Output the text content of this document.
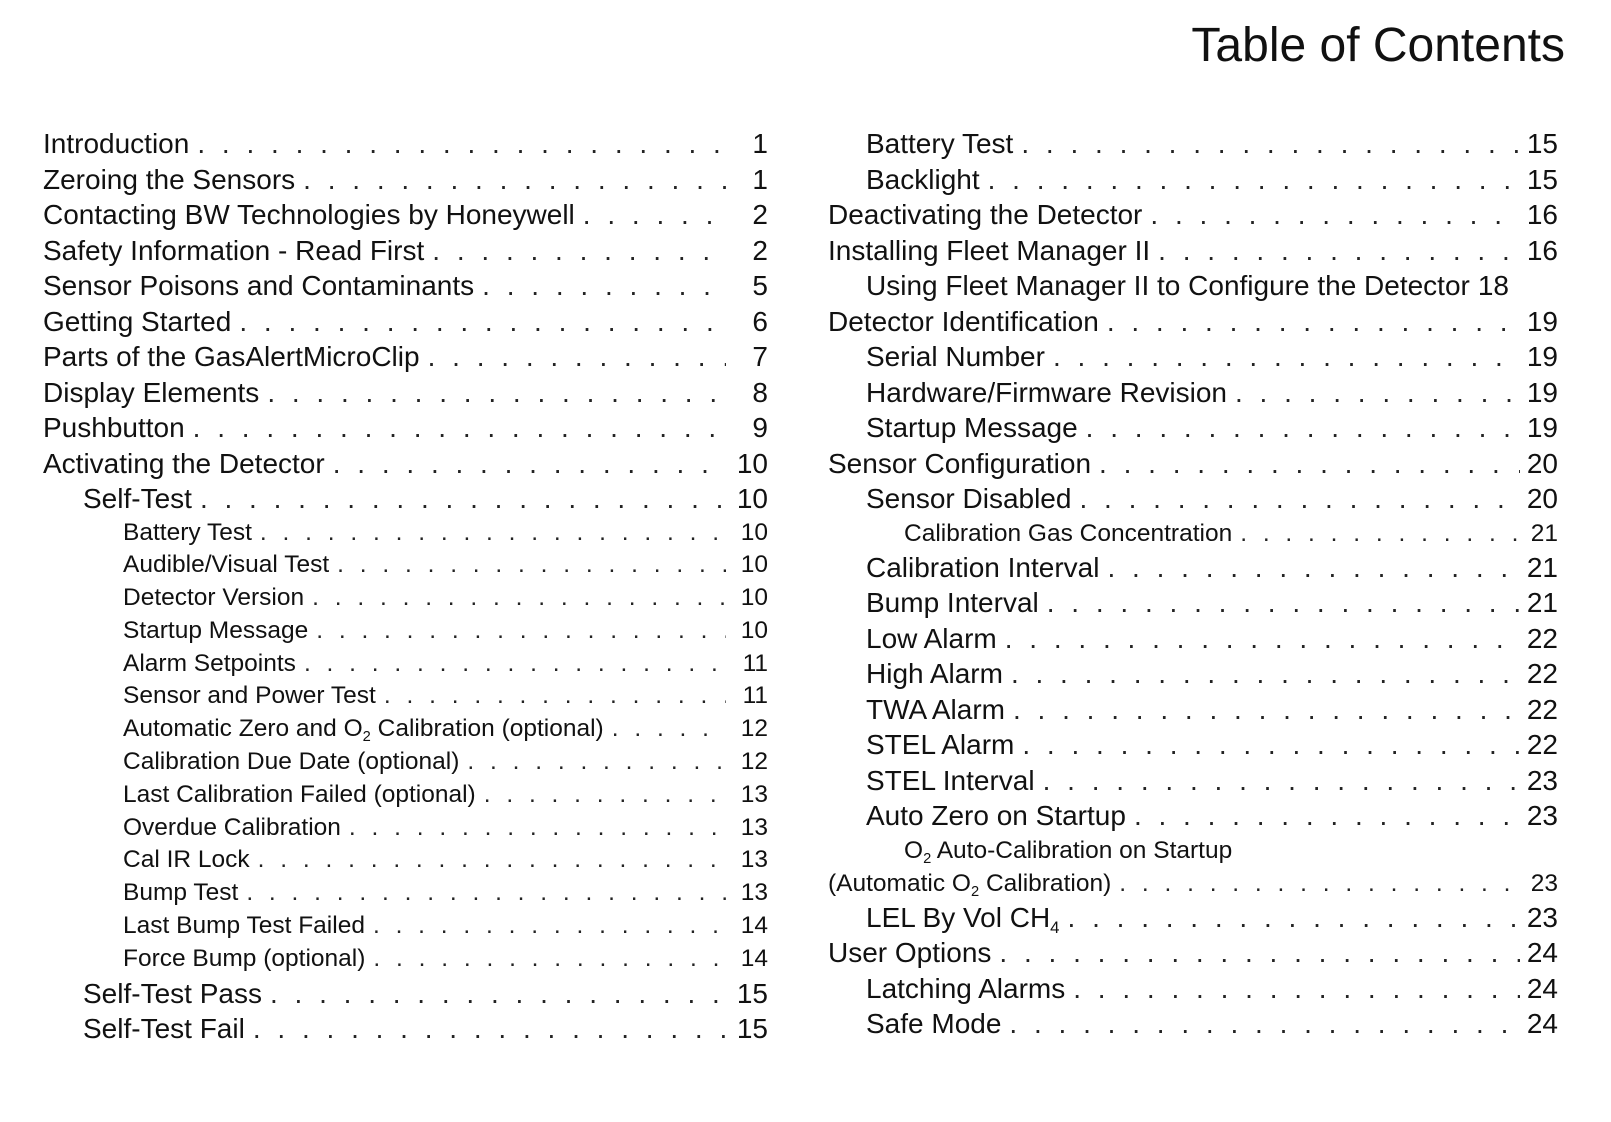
Table of Contents
Introduction . . .	1
Zeroing the Sensors . . .	1
Contacting BW Technologies by Honeywell . . .	2
Safety Information - Read First . . .	2
Sensor Poisons and Contaminants . . .	5
Getting Started . . .	6
Parts of the GasAlertMicroClip . . .	7
Display Elements . . .	8
Pushbutton . . .	9
Activating the Detector . . .	10
Self-Test . . .	10
Battery Test . . .	10
Audible/Visual Test . . .	10
Detector Version . . .	10
Startup Message . . .	10
Alarm Setpoints . . .	11
Sensor and Power Test . . .	11
Automatic Zero and $O_2$ Calibration (optional) . . .	12
Calibration Due Date (optional) . . .	12
Last Calibration Failed (optional) . . .	13
Overdue Calibration . . .	13
Cal IR Lock . . .	13
Bump Test . . .	13
Last Bump Test Failed . . .	14
Force Bump (optional) . . .	14
Self-Test Pass . . .	15
Self-Test Fail . . .	15
Battery Test . . .	15
Backlight . . .	15
Deactivating the Detector . . .	16
Installing Fleet Manager II . . .	16
Using Fleet Manager II to Configure the Detector 18
Detector Identification . . .	19
Serial Number . . .	19
Hardware/Firmware Revision . . .	19
Startup Message . . .	19
Sensor Configuration . . .	20
Sensor Disabled . . .	20
Calibration Gas Concentration . . .	21
Calibration Interval . . .	21
Bump Interval . . .	21
Low Alarm . . .	22
High Alarm . . .	22
TWA Alarm . . .	22
STEL Alarm . . .	22
STEL Interval . . .	23
Auto Zero on Startup . . .	23
$O_2$ Auto-Calibration on Startup
(Automatic $O_2$ Calibration) . . .	23
LEL By Vol $CH_4$ . . .	23
User Options . . .	24
Latching Alarms . . .	24
Safe Mode . . .	24
